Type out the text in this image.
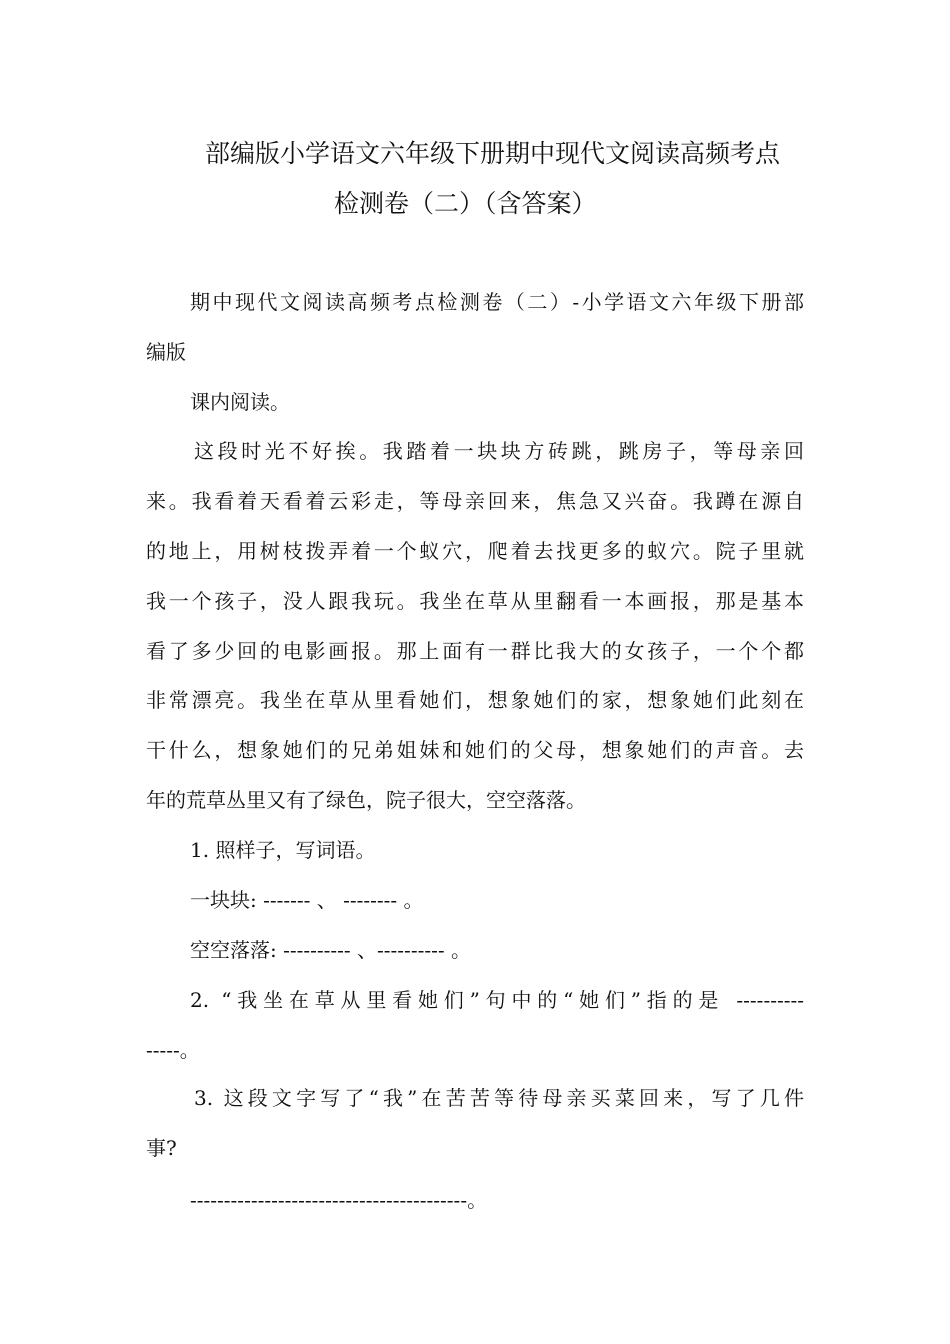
部编版小学语文六年级下册期中现代文阅读高频考点
检测卷（二）（含答案）
期中现代文阅读高频考点检测卷（二）-小学语文六年级下册部
编版
课内阅读。
这段时光不好挨。我踏着一块块方砖跳，跳房子，等母亲回
来。我看着天看着云彩走，等母亲回来，焦急又兴奋。我蹲在源自
的地上，用树枝拨弄着一个蚁穴，爬着去找更多的蚁穴。院子里就
我一个孩子，没人跟我玩。我坐在草从里翻看一本画报，那是基本
看了多少回的电影画报。那上面有一群比我大的女孩子，一个个都
非常漂亮。我坐在草从里看她们，想象她们的家，想象她们此刻在
干什么，想象她们的兄弟姐妹和她们的父母，想象她们的声音。去
年的荒草丛里又有了绿色，院子很大，空空落落。
1. 照样子，写词语。
一块块: ------- 、 -------- 。
空空落落: ---------- 、---------- 。
2. “我坐在草从里看她们”句中的“她们”指的是 ----------
-----。
3. 这段文字写了“我”在苦苦等待母亲买菜回来，写了几件
事?
-----------------------------------------。
